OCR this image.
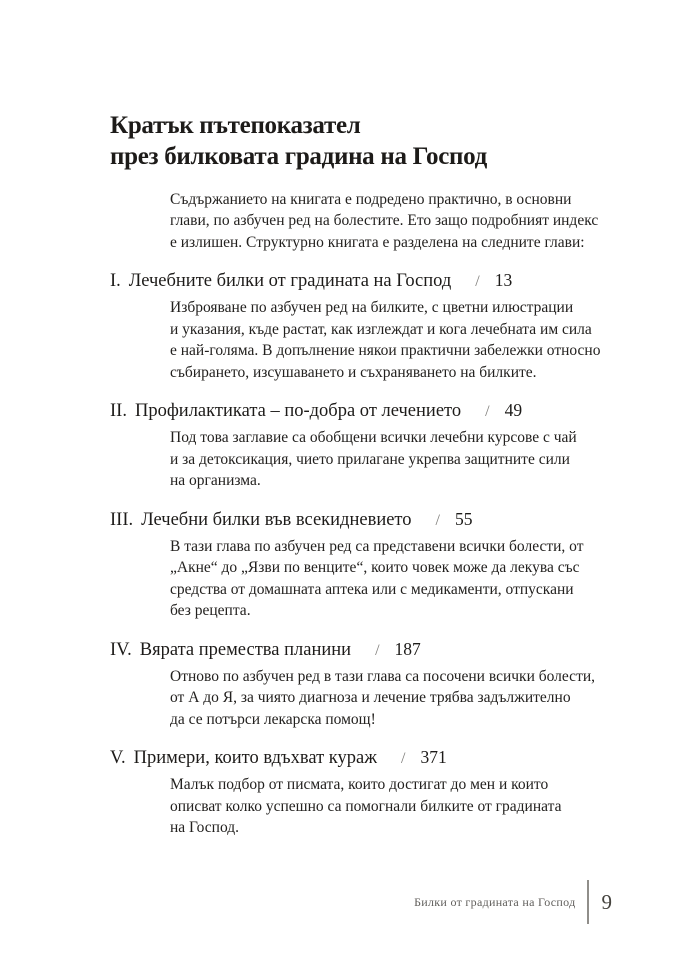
Кратък пътепоказател
през билковата градина на Господ
Съдържанието на книгата е подредено практично, в основни
глави, по азбучен ред на болестите. Ето защо подробният индекс
е излишен. Структурно книгата е разделена на следните глави:
I. Лечебните билки от градината на Господ / 13
Изброяване по азбучен ред на билките, с цветни илюстрации
и указания, къде растат, как изглеждат и кога лечебната им сила
е най-голяма. В допълнение някои практични забележки относно
събирането, изсушаването и съхраняването на билките.
II. Профилактиката – по-добра от лечението / 49
Под това заглавие са обобщени всички лечебни курсове с чай
и за детоксикация, чието прилагане укрепва защитните сили
на организма.
III. Лечебни билки във всекидневието / 55
В тази глава по азбучен ред са представени всички болести, от
„Акне“ до „Язви по венците“, които човек може да лекува със
средства от домашната аптека или с медикаменти, отпускани
без рецепта.
IV. Вярата премества планини / 187
Отново по азбучен ред в тази глава са посочени всички болести,
от А до Я, за чиято диагноза и лечение трябва задължително
да се потърси лекарска помощ!
V. Примери, които вдъхват кураж / 371
Малък подбор от писмата, които достигат до мен и които
описват колко успешно са помогнали билките от градината
на Господ.
Билки от градината на Господ 9
